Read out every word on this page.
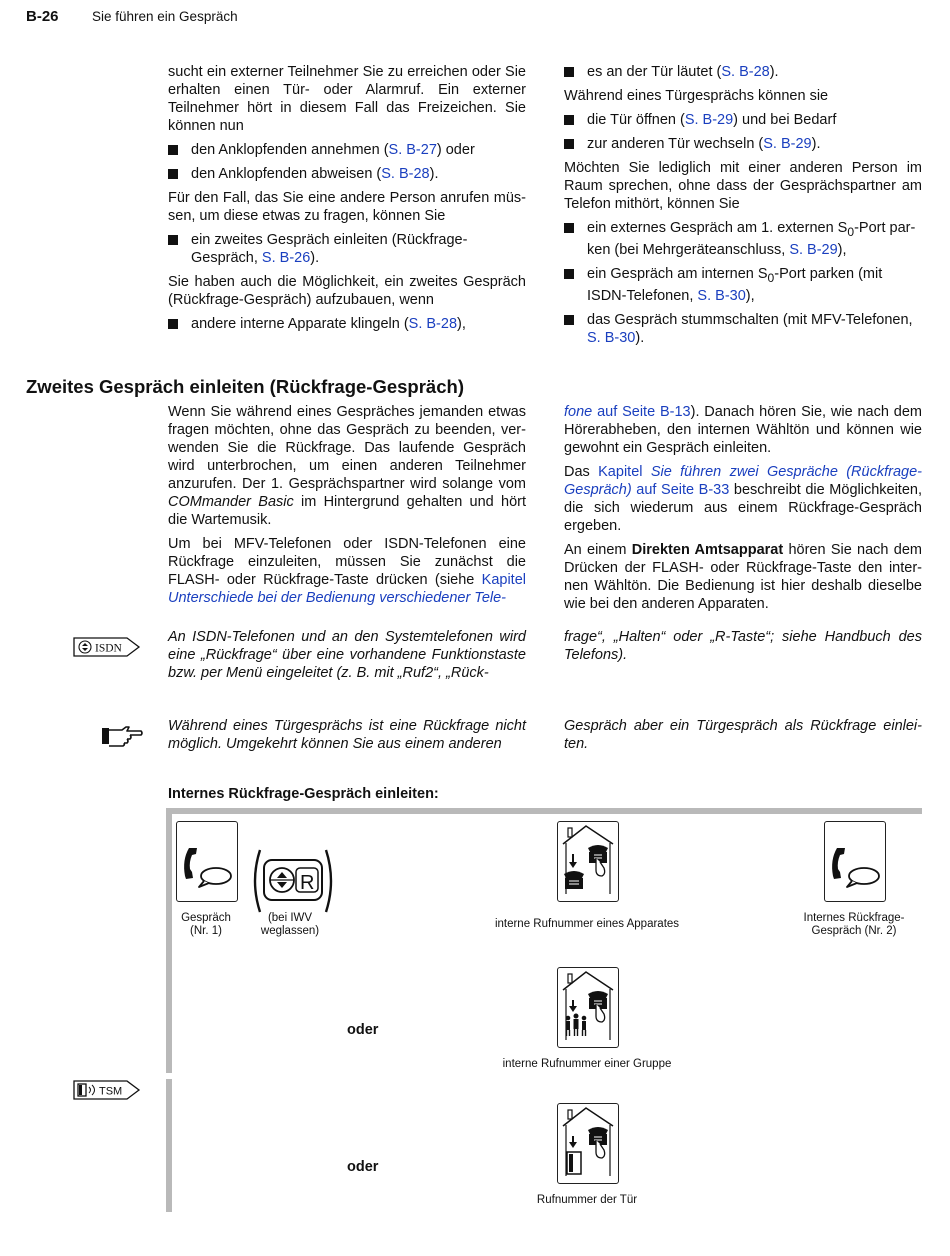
B-26 Sie führen ein Gespräch

sucht ein externer Teilnehmer Sie zu erreichen oder Sie erhalten einen Tür- oder Alarmruf. Ein externer Teilnehmer hört in diesem Fall das Freizeichen. Sie können nun

den Anklopfenden annehmen (S. B-27) oder
den Anklopfenden abweisen (S. B-28).

Für den Fall, das Sie eine andere Person anrufen müssen, um diese etwas zu fragen, können Sie

ein zweites Gespräch einleiten (Rückfrage-Gespräch, S. B-26).

Sie haben auch die Möglichkeit, ein zweites Gespräch (Rückfrage-Gespräch) aufzubauen, wenn

andere interne Apparate klingeln (S. B-28),
es an der Tür läutet (S. B-28).

Während eines Türgesprächs können sie

die Tür öffnen (S. B-29) und bei Bedarf
zur anderen Tür wechseln (S. B-29).

Möchten Sie lediglich mit einer anderen Person im Raum sprechen, ohne dass der Gesprächspartner am Telefon mithört, können Sie

ein externes Gespräch am 1. externen $S_0$-Port parken (bei Mehrgeräteanschluss, S. B-29),
ein Gespräch am internen $S_0$-Port parken (mit ISDN-Telefonen, S. B-30),
das Gespräch stummschalten (mit MFV-Telefonen, S. B-30).
Zweites Gespräch einleiten (Rückfrage-Gespräch)

Wenn Sie während eines Gespräches jemanden etwas fragen möchten, ohne das Gespräch zu beenden, verwenden Sie die Rückfrage. Das laufende Gespräch wird unterbrochen, um einen anderen Teilnehmer anzurufen. Der 1. Gesprächspartner wird solange vom COMmander Basic im Hintergrund gehalten und hört die Wartemusik.

Um bei MFV-Telefonen oder ISDN-Telefonen eine Rückfrage einzuleiten, müssen Sie zunächst die FLASH- oder Rückfrage-Taste drücken (siehe Kapitel Unterschiede bei der Bedienung verschiedener Tele-

fone auf Seite B-13). Danach hören Sie, wie nach dem Hörerabheben, den internen Wähltön und können wie gewohnt ein Gespräch einleiten.

Das Kapitel Sie führen zwei Gespräche (Rückfrage-Gespräch) auf Seite B-33 beschreibt die Möglichkeiten, die sich wiederum aus einem Rückfrage-Gespräch ergeben.

An einem Direkten Amtsapparat hören Sie nach dem Drücken der FLASH- oder Rückfrage-Taste den internen Wähltön. Die Bedienung ist hier deshalb dieselbe wie bei den anderen Apparaten.

ISDN
An ISDN-Telefonen und an den Systemtelefonen wird eine „Rückfrage“ über eine vorhandene Funktionstaste bzw. per Menü eingeleitet (z. B. mit „Ruf2“, „Rück-
frage“, „Halten“ oder „R-Taste“; siehe Handbuch des Telefons).
Gespräch aber ein Türgespräch als Rückfrage einleiten.
Während eines Türgesprächs ist eine Rückfrage nicht möglich. Umgekehrt können Sie aus einem anderen
Internes Rückfrage-Gespräch einleiten:
Gespräch
(Nr. 1)
R
(bei IWV
weglassen)
interne Rufnummer eines Apparates	Internes Rückfrage-
Gespräch (Nr. 2)
oder
interne Rufnummer einer Gruppe
TSM
oder
Rufnummer der Tür
